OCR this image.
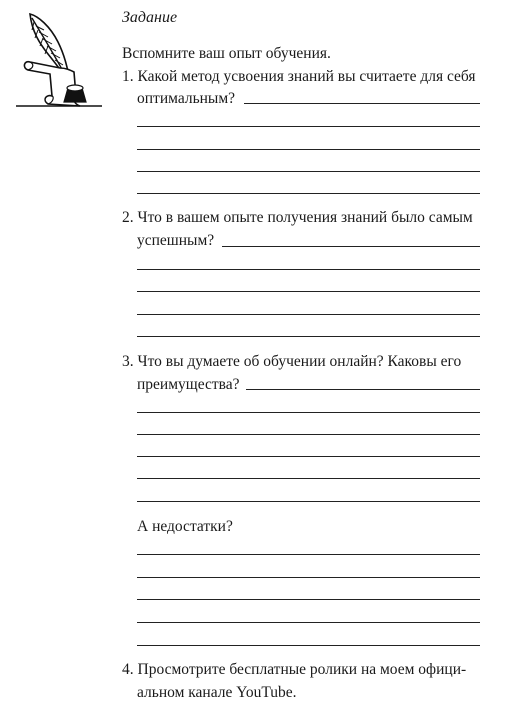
Задание
Вспомните ваш опыт обучения.
1. Какой метод усвоения знаний вы считаете для себя
оптимальным?
2. Что в вашем опыте получения знаний было самым
успешным?
3. Что вы думаете об обучении онлайн? Каковы его
преимущества?
А недостатки?
4. Просмотрите бесплатные ролики на моем офици-
альном канале YouTube.
